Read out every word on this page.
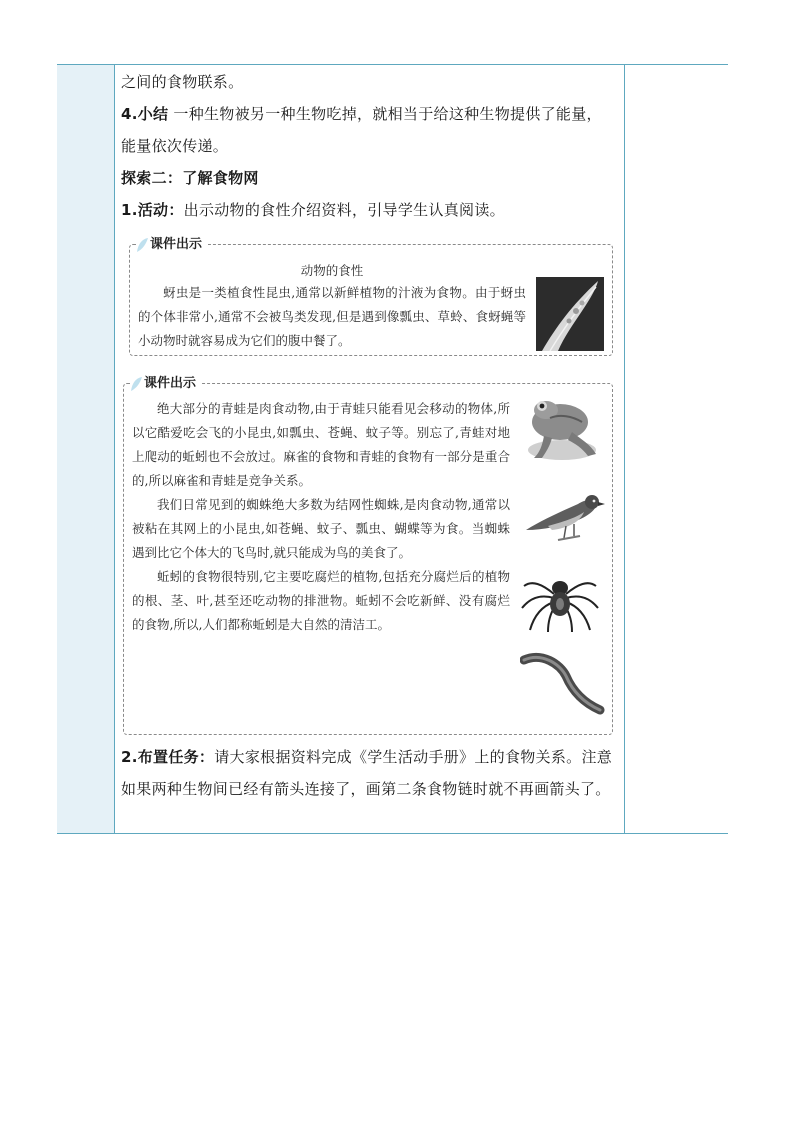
之间的食物联系。

4.小结 一种生物被另一种生物吃掉，就相当于给这种生物提供了能量，

能量依次传递。

探索二：了解食物网

1.活动：出示动物的食性介绍资料，引导学生认真阅读。

课件出示

动物的食性

蚜虫是一类植食性昆虫,通常以新鲜植物的汁液为食物。由于蚜虫的个体非常小,通常不会被鸟类发现,但是遇到像瓢虫、草蛉、食蚜蝇等小动物时就容易成为它们的腹中餐了。

课件出示

绝大部分的青蛙是肉食动物,由于青蛙只能看见会移动的物体,所以它酷爱吃会飞的小昆虫,如瓢虫、苍蝇、蚊子等。别忘了,青蛙对地上爬动的蚯蚓也不会放过。麻雀的食物和青蛙的食物有一部分是重合的,所以麻雀和青蛙是竞争关系。

我们日常见到的蜘蛛绝大多数为结网性蜘蛛,是肉食动物,通常以被粘在其网上的小昆虫,如苍蝇、蚊子、瓢虫、蝴蝶等为食。当蜘蛛遇到比它个体大的飞鸟时,就只能成为鸟的美食了。

蚯蚓的食物很特别,它主要吃腐烂的植物,包括充分腐烂后的植物的根、茎、叶,甚至还吃动物的排泄物。蚯蚓不会吃新鲜、没有腐烂的食物,所以,人们都称蚯蚓是大自然的清洁工。

2.布置任务：请大家根据资料完成《学生活动手册》上的食物关系。注意如果两种生物间已经有箭头连接了，画第二条食物链时就不再画箭头了。
